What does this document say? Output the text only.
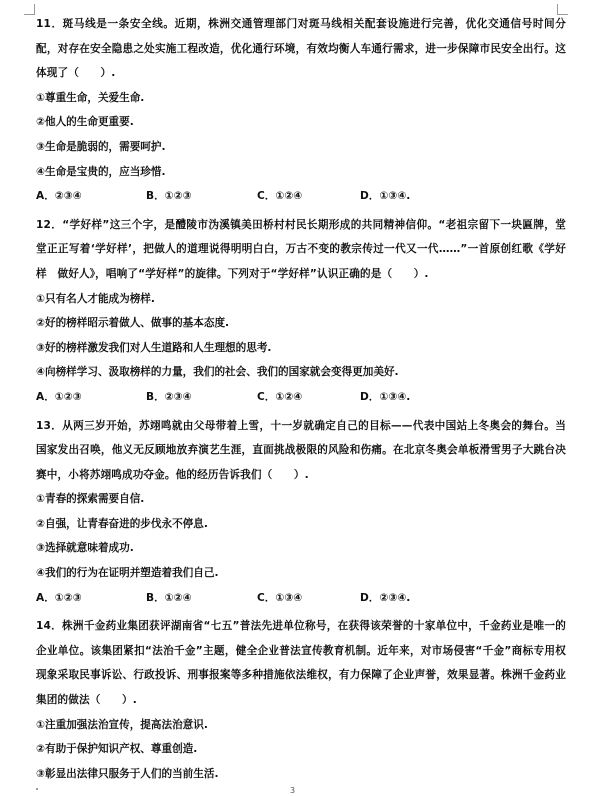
11．斑马线是一条安全线。近期，株洲交通管理部门对斑马线相关配套设施进行完善，优化交通信号时间分配，对存在安全隐患之处实施工程改造，优化通行环境，有效均衡人车通行需求，进一步保障市民安全出行。这体现了（　　）.

①尊重生命，关爱生命.
②他人的生命更重要.
③生命是脆弱的，需要呵护.
④生命是宝贵的，应当珍惜.
A．②③④	B．①②③	C．①②④	D．①③④.

12．“学好样”这三个字，是醴陵市沩溪镇美田桥村村民长期形成的共同精神信仰。“老祖宗留下一块匾牌，堂堂正正写着‘学好样’，把做人的道理说得明明白白，万古不变的教宗传过一代又一代……”一首原创红歌《学好样　做好人》，唱响了“学好样”的旋律。下列对于“学好样”认识正确的是（　　）.

①只有名人才能成为榜样.
②好的榜样昭示着做人、做事的基本态度.
③好的榜样激发我们对人生道路和人生理想的思考.
④向榜样学习、汲取榜样的力量，我们的社会、我们的国家就会变得更加美好.
A．①②③	B．②③④	C．①②④	D．①③④.

13．从两三岁开始，苏翊鸣就由父母带着上雪，十一岁就确定自己的目标——代表中国站上冬奥会的舞台。当国家发出召唤，他义无反顾地放弃演艺生涯，直面挑战极限的风险和伤痛。在北京冬奥会单板滑雪男子大跳台决赛中，小将苏翊鸣成功夺金。他的经历告诉我们（　　）.

①青春的探索需要自信.
②自强，让青春奋进的步伐永不停息.
③选择就意味着成功.
④我们的行为在证明并塑造着我们自己.
A．①②③	B．①②④	C．①③④	D．②③④.

14．株洲千金药业集团获评湖南省“七五”普法先进单位称号，在获得该荣誉的十家单位中，千金药业是唯一的企业单位。该集团紧扣“法治千金”主题，健全企业普法宣传教育机制。近年来，对市场侵害“千金”商标专用权现象采取民事诉讼、行政投诉、刑事报案等多种措施依法维权，有力保障了企业声誉，效果显著。株洲千金药业集团的做法（　　）.

①注重加强法治宣传，提高法治意识.
②有助于保护知识产权、尊重创造.
③彰显出法律只服务于人们的当前生活.
3
